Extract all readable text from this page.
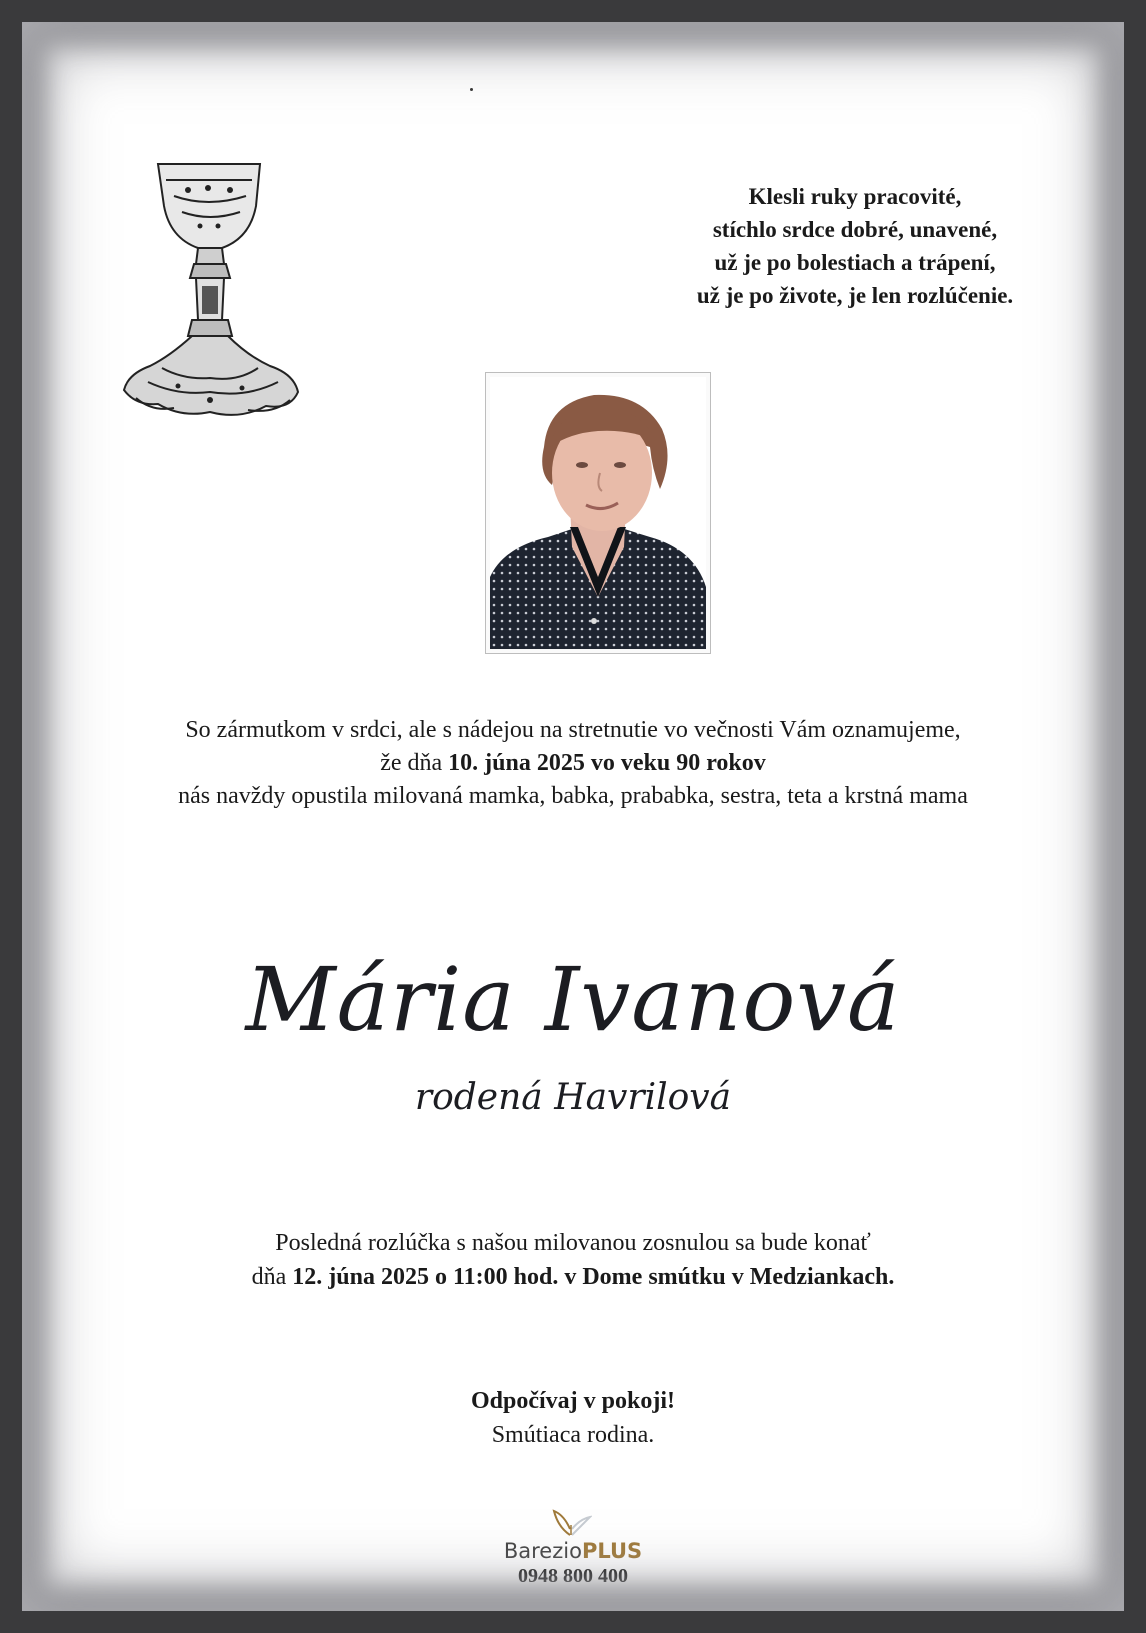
Klesli ruky pracovité,
stíchlo srdce dobré, unavené,
už je po bolestiach a trápení,
už je po živote, je len rozlúčenie.
So zármutkom v srdci, ale s nádejou na stretnutie vo večnosti Vám oznamujeme,
že dňa 10. júna 2025 vo veku 90 rokov
nás navždy opustila milovaná mamka, babka, prababka, sestra, teta a krstná mama
Mária Ivanová
rodená Havrilová
Posledná rozlúčka s našou milovanou zosnulou sa bude konať
dňa 12. júna 2025 o 11:00 hod. v Dome smútku v Medziankach.
Odpočívaj v pokoji!
Smútiaca rodina.
BarezioPLUS
0948 800 400
